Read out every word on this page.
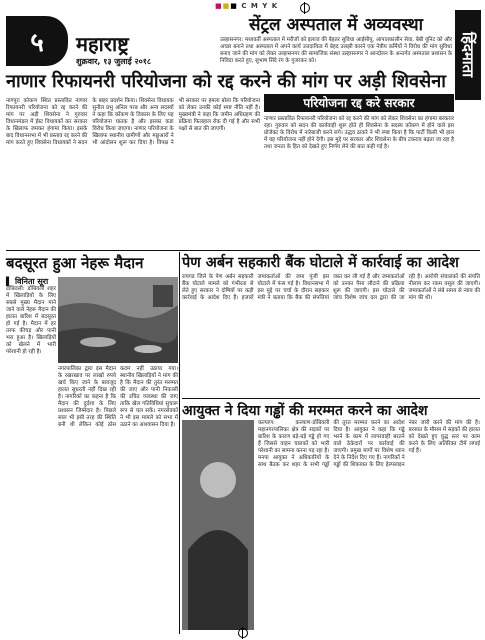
■■■ C M Y K
५	महाराष्ट्र
शुक्रवार, १३ जुलाई २०१८
सेंट्रल अस्पताल में अव्यवस्था
उल्हासनगर: मध्यवर्ती अस्पताल में मरीजों को इलाज की बेहतर सुविधा आईसीयू, आपातकालीन सेवा, बेबी यूनिट को और अच्छा बनाने तथा अस्पताल में अपने कार्य उत्तदायित्व में बेहद उलझी कारने एक नेत्रीय कर्मियों ने विरोध की मांग सुविधा बनाए जाने की मांग को लेकर उल्हासनगर की सामाजिक संस्था उल्हासनगर ने आन्दोलन के अन्तर्गत अस्पताल प्रशासन के निविदा करते हुए, सुभाष सिंदे रंग के गुजरकर को।	हिंदमाता
नाणार रिफायनरी परियोजना को रद्द करने की मांग पर अड़ी शिवसेना
परियोजना रद्द करे सरकार
नागपुरः कोकण स्थित प्रस्तावित नाणार रिफायनरी परियोजना को रद्द करने की मांग पर अड़ी शिवसेना ने गुरुवार विधानमंडल में ईस्ट विधायकों कर सरकार के खिलाफ जमकर हंगामा किया। इसके बाद विधानसभा में भी प्रस्ताव रद्द करने की मांग करते हुए शिवसेना विधायकों ने सदन के बाहर प्रदर्शन किया। शिवसेना विधायक सुनील प्रभु अनिल परब और अन्य सदस्यों ने कहा कि कोंकण के विकास के लिए यह परियोजना घातक है और इसका कडा विरोध किया जाएगा। नाणार परियोजना के खिलाफ स्थानीय ग्रामीणों और मछुआरों ने भी आंदोलन शुरू कर दिया है। विपक्ष ने भी सरकार पर हमला बोला कि परियोजना को लेकर उनकी कोई स्पष्ट नीति नहीं है। मुख्यमंत्री ने कहा कि जमीन अधिग्रहण की प्रक्रिया फिलहाल रोक दी गई है और सभी पक्षों से बात की जाएगी।
नाणार प्रस्तावित रिफायनरी परियोजना को रद्द करने की मांग को लेकर शिवसेना का हंगामा बरकरार रहा। गुरुवार को सदन की कार्यवाही शुरू होते ही शिवसेना के सदस्य कोंकण में होने वाले इस प्रोजेक्ट के विरोध में नारेबाजी करने लगे। उद्धव ठाकरे ने भी स्पष्ट किया है कि पार्टी किसी भी हाल में यह परियोजना नहीं होने देगी। इस मुद्दे पर सरकार और शिवसेना के बीच टकराव बढ़ता जा रहा है तथा जनता के हित को देखते हुए निर्णय लेने की बात कही गई है।
बदसूरत हुआ नेहरू मैदान
▌ विनिता सूरा
डोंबिवली: डोंबिवली शहर में खिलाड़ियों के लिए सबसे मुख्य मैदान माने जाने वाले नेहरू मैदान की हालत बारिश में बदसूरत हो गई है। मैदान में हर तरफ कीचड़ और पानी भरा हुआ है। खिलाड़ियों को खेलने में भारी परेशानी हो रही है।
नगरपालिका द्वारा इस मैदान के रखरखाव पर लाखों रुपये खर्च किए जाने के बावजूद हालत सुधरती नहीं दिख रही है। नागरिकों का कहना है कि मैदान की दुर्दशा के लिए प्रशासन जिम्मेदार है। पिछले साल भी इसी तरह की स्थिति बनी थी लेकिन कोई ठोस कदम नहीं उठाया गया। स्थानीय खिलाड़ियों ने मांग की है कि मैदान की तुरंत मरम्मत की जाए और पानी निकासी की उचित व्यवस्था की जाए ताकि खेल गतिविधियां सुचारू रूप से चल सकें। नगरसेवकों ने भी इस मामले को सभा में उठाने का आश्वासन दिया है।
पेण अर्बन सहकारी बैंक घोटाले में कार्रवाई का आदेश
रायगड जिले के पेण अर्बन सहकारी बैंक घोटाले मामले को गंभीरता से लेते हुए सरकार ने दोषियों पर कड़ी कार्रवाई के आदेश दिए हैं। हजारों जमाकर्ताओं की जमा पूंजी इस घोटाले में फंस गई है। विधानसभा में इस मुद्दे पर चर्चा के दौरान सहकार मंत्री ने बताया कि बैंक की संपत्तियां जब्त कर ली गई हैं और जमाकर्ताओं को उनका पैसा लौटाने की प्रक्रिया शुरू की जाएगी। इस घोटाले की जांच विशेष जांच दल द्वारा की जा रही है। आरोपी संचालकों की संपत्ति नीलाम कर रकम वसूल की जाएगी। जमाकर्ताओं ने लंबे समय से न्याय की मांग की थी।
आयुक्त ने दिया गड्ढों की मरम्मत करने का आदेश
कल्याण: कल्याण-डोंबिवली महानगरपालिका क्षेत्र की सड़कों पर बारिश के कारण बड़े-बड़े गड्ढे हो गए हैं जिससे वाहन चालकों को भारी परेशानी का सामना करना पड़ रहा है। मनपा आयुक्त ने अधिकारियों के साथ बैठक कर शहर के सभी गड्ढों की तुरंत मरम्मत करने का आदेश दिया है। आयुक्त ने कहा कि गड्ढे भरने के काम में लापरवाही बरतने वाले ठेकेदारों पर कार्रवाई की जाएगी। प्रमुख मार्गों पर विशेष ध्यान देने के निर्देश दिए गए हैं। नागरिकों ने गड्ढों की शिकायत के लिए हेल्पलाइन नंबर जारी करने की मांग की है। बरसात के मौसम में सड़कों की हालत को देखते हुए युद्ध स्तर पर काम करने के लिए अतिरिक्त टीमें लगाई गई हैं।
